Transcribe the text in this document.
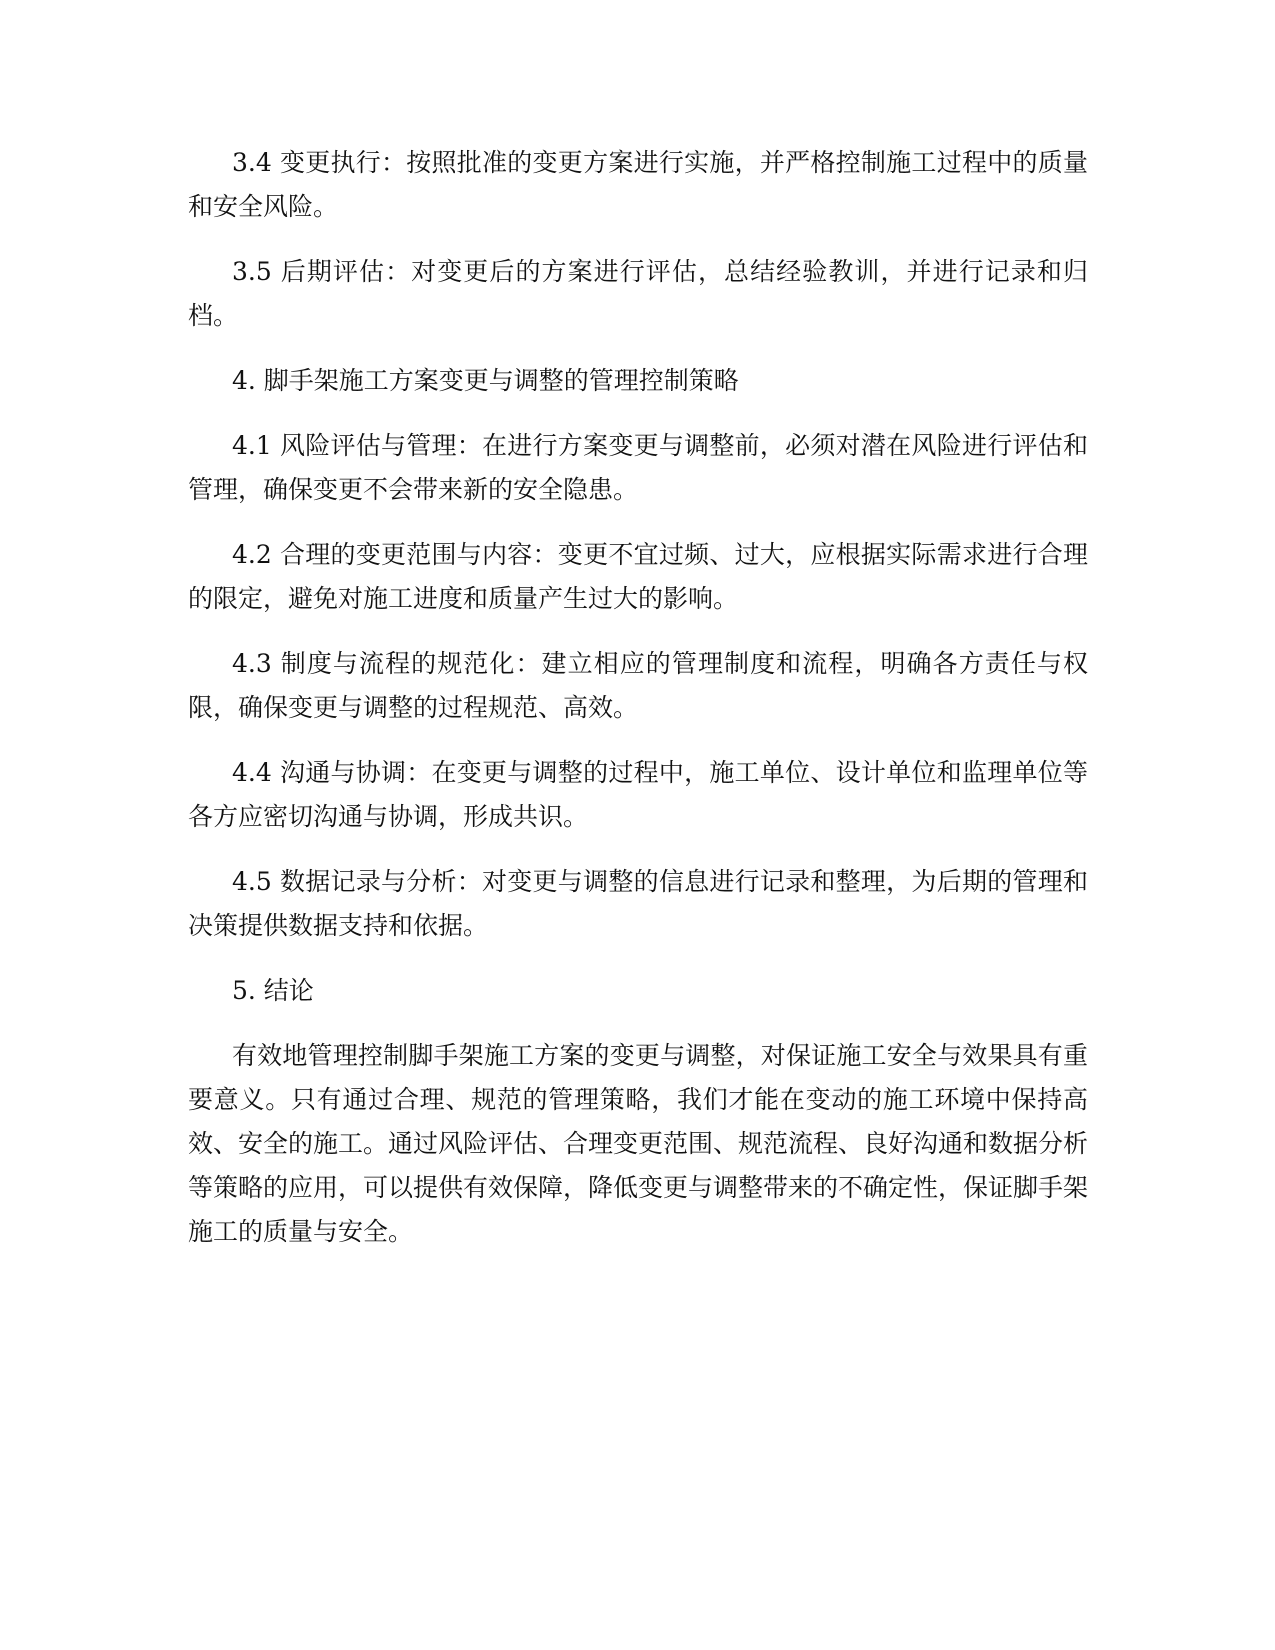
3.4 变更执行：按照批准的变更方案进行实施，并严格控制施工过程中的质量和安全风险。

3.5 后期评估：对变更后的方案进行评估，总结经验教训，并进行记录和归档。

4. 脚手架施工方案变更与调整的管理控制策略

4.1 风险评估与管理：在进行方案变更与调整前，必须对潜在风险进行评估和管理，确保变更不会带来新的安全隐患。

4.2 合理的变更范围与内容：变更不宜过频、过大，应根据实际需求进行合理的限定，避免对施工进度和质量产生过大的影响。

4.3 制度与流程的规范化：建立相应的管理制度和流程，明确各方责任与权限，确保变更与调整的过程规范、高效。

4.4 沟通与协调：在变更与调整的过程中，施工单位、设计单位和监理单位等各方应密切沟通与协调，形成共识。

4.5 数据记录与分析：对变更与调整的信息进行记录和整理，为后期的管理和决策提供数据支持和依据。

5. 结论

有效地管理控制脚手架施工方案的变更与调整，对保证施工安全与效果具有重要意义。只有通过合理、规范的管理策略，我们才能在变动的施工环境中保持高效、安全的施工。通过风险评估、合理变更范围、规范流程、良好沟通和数据分析等策略的应用，可以提供有效保障，降低变更与调整带来的不确定性，保证脚手架施工的质量与安全。
